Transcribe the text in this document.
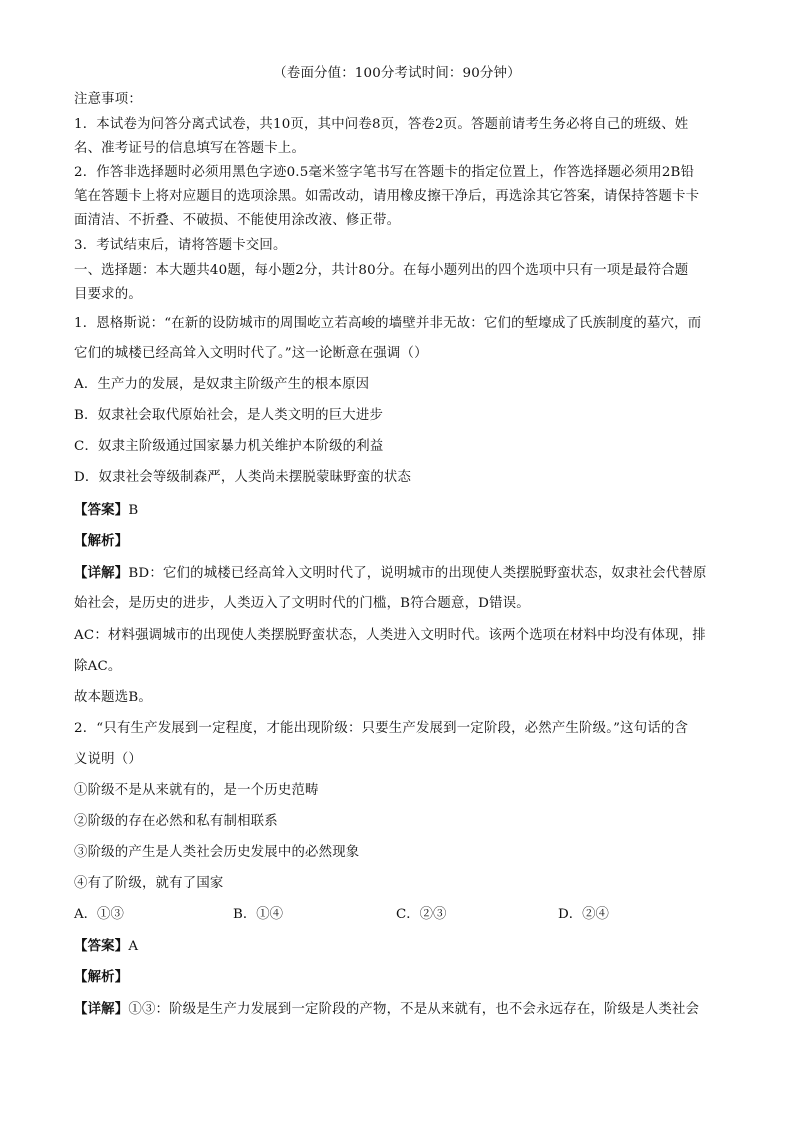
（卷面分值：100分考试时间：90分钟）
注意事项：
1．本试卷为问答分离式试卷，共10页，其中问卷8页，答卷2页。答题前请考生务必将自己的班级、姓
名、准考证号的信息填写在答题卡上。
2．作答非选择题时必须用黑色字迹0.5毫米签字笔书写在答题卡的指定位置上，作答选择题必须用2B铅
笔在答题卡上将对应题目的选项涂黑。如需改动，请用橡皮擦干净后，再选涂其它答案，请保持答题卡卡
面清洁、不折叠、不破损、不能使用涂改液、修正带。
3．考试结束后，请将答题卡交回。
一、选择题：本大题共40题，每小题2分，共计80分。在每小题列出的四个选项中只有一项是最符合题
目要求的。
1．恩格斯说：“在新的设防城市的周围屹立若高峻的墙壁并非无故：它们的堑壕成了氏族制度的墓穴，而
它们的城楼已经高耸入文明时代了。”这一论断意在强调（）
A．生产力的发展，是奴隶主阶级产生的根本原因
B．奴隶社会取代原始社会，是人类文明的巨大进步
C．奴隶主阶级通过国家暴力机关维护本阶级的利益
D．奴隶社会等级制森严，人类尚未摆脱蒙昧野蛮的状态
【答案】B
【解析】
【详解】BD：它们的城楼已经高耸入文明时代了，说明城市的出现使人类摆脱野蛮状态，奴隶社会代替原
始社会，是历史的进步，人类迈入了文明时代的门槛，B符合题意，D错误。
AC：材料强调城市的出现使人类摆脱野蛮状态，人类进入文明时代。该两个选项在材料中均没有体现，排
除AC。
故本题选B。
2．“只有生产发展到一定程度，才能出现阶级：只要生产发展到一定阶段，必然产生阶级。”这句话的含
义说明（）
①阶级不是从来就有的，是一个历史范畴
②阶级的存在必然和私有制相联系
③阶级的产生是人类社会历史发展中的必然现象
④有了阶级，就有了国家
A．①③	B．①④	C．②③	D．②④
【答案】A
【解析】
【详解】①③：阶级是生产力发展到一定阶段的产物，不是从来就有，也不会永远存在，阶级是人类社会
